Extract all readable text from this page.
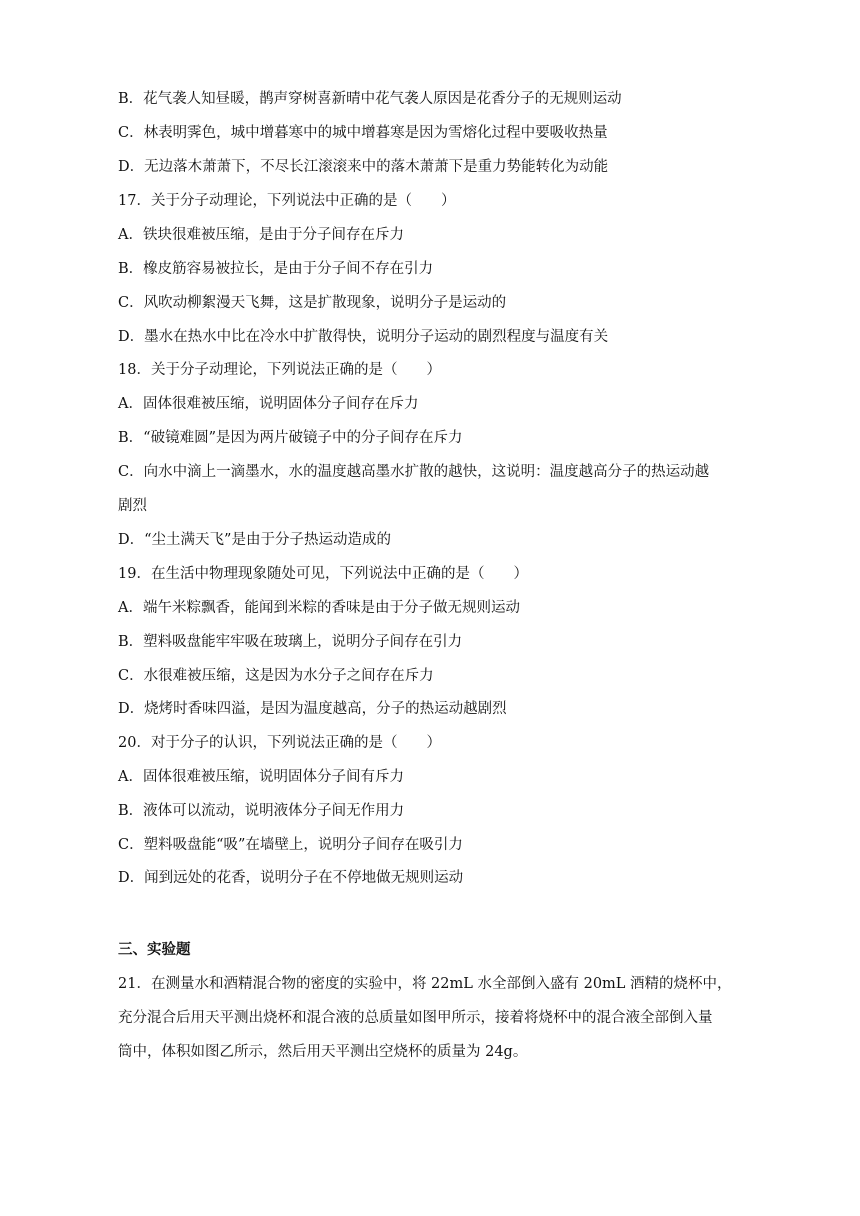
B．花气袭人知昼暖，鹊声穿树喜新晴中花气袭人原因是花香分子的无规则运动
C．林表明霁色，城中增暮寒中的城中增暮寒是因为雪熔化过程中要吸收热量
D．无边落木萧萧下，不尽长江滚滚来中的落木萧萧下是重力势能转化为动能
17．关于分子动理论，下列说法中正确的是（　　）
A．铁块很难被压缩，是由于分子间存在斥力
B．橡皮筋容易被拉长，是由于分子间不存在引力
C．风吹动柳絮漫天飞舞，这是扩散现象，说明分子是运动的
D．墨水在热水中比在冷水中扩散得快，说明分子运动的剧烈程度与温度有关
18．关于分子动理论，下列说法正确的是（　　）
A．固体很难被压缩，说明固体分子间存在斥力
B．“破镜难圆”是因为两片破镜子中的分子间存在斥力
C．向水中滴上一滴墨水，水的温度越高墨水扩散的越快，这说明：温度越高分子的热运动越
剧烈
D．“尘土满天飞”是由于分子热运动造成的
19．在生活中物理现象随处可见，下列说法中正确的是（　　）
A．端午米粽飘香，能闻到米粽的香味是由于分子做无规则运动
B．塑料吸盘能牢牢吸在玻璃上，说明分子间存在引力
C．水很难被压缩，这是因为水分子之间存在斥力
D．烧烤时香味四溢，是因为温度越高，分子的热运动越剧烈
20．对于分子的认识，下列说法正确的是（　　）
A．固体很难被压缩，说明固体分子间有斥力
B．液体可以流动，说明液体分子间无作用力
C．塑料吸盘能“吸”在墙壁上，说明分子间存在吸引力
D．闻到远处的花香，说明分子在不停地做无规则运动
三、实验题
21．在测量水和酒精混合物的密度的实验中，将 22mL 水全部倒入盛有 20mL 酒精的烧杯中，
充分混合后用天平测出烧杯和混合液的总质量如图甲所示，接着将烧杯中的混合液全部倒入量
筒中，体积如图乙所示，然后用天平测出空烧杯的质量为 24g。
